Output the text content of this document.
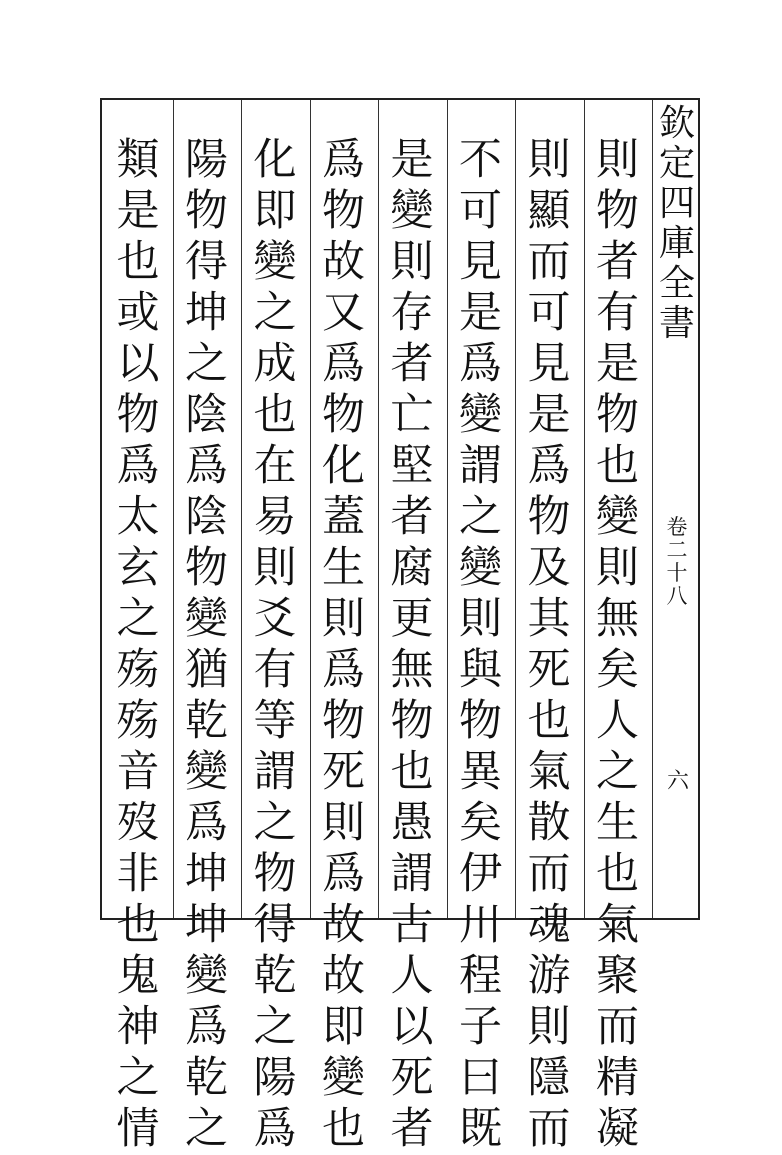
欽
定
四
庫
全
書
卷
二
十
八
六
則
物
者
有
是
物
也
變
則
無
矣
人
之
生
也
氣
聚
而
精
凝
則
顯
而
可
見
是
爲
物
及
其
死
也
氣
散
而
魂
游
則
隱
而
不
可
見
是
爲
變
謂
之
變
則
與
物
異
矣
伊
川
程
子
曰
既
是
變
則
存
者
亡
堅
者
腐
更
無
物
也
愚
謂
古
人
以
死
者
爲
物
故
又
爲
物
化
蓋
生
則
爲
物
死
則
爲
故
故
即
變
也
化
即
變
之
成
也
在
易
則
爻
有
等
謂
之
物
得
乾
之
陽
爲
陽
物
得
坤
之
陰
爲
陰
物
變
猶
乾
變
爲
坤
坤
變
爲
乾
之
類
是
也
或
以
物
爲
太
玄
之
殇
殇
音
歿
非
也
鬼
神
之
情
